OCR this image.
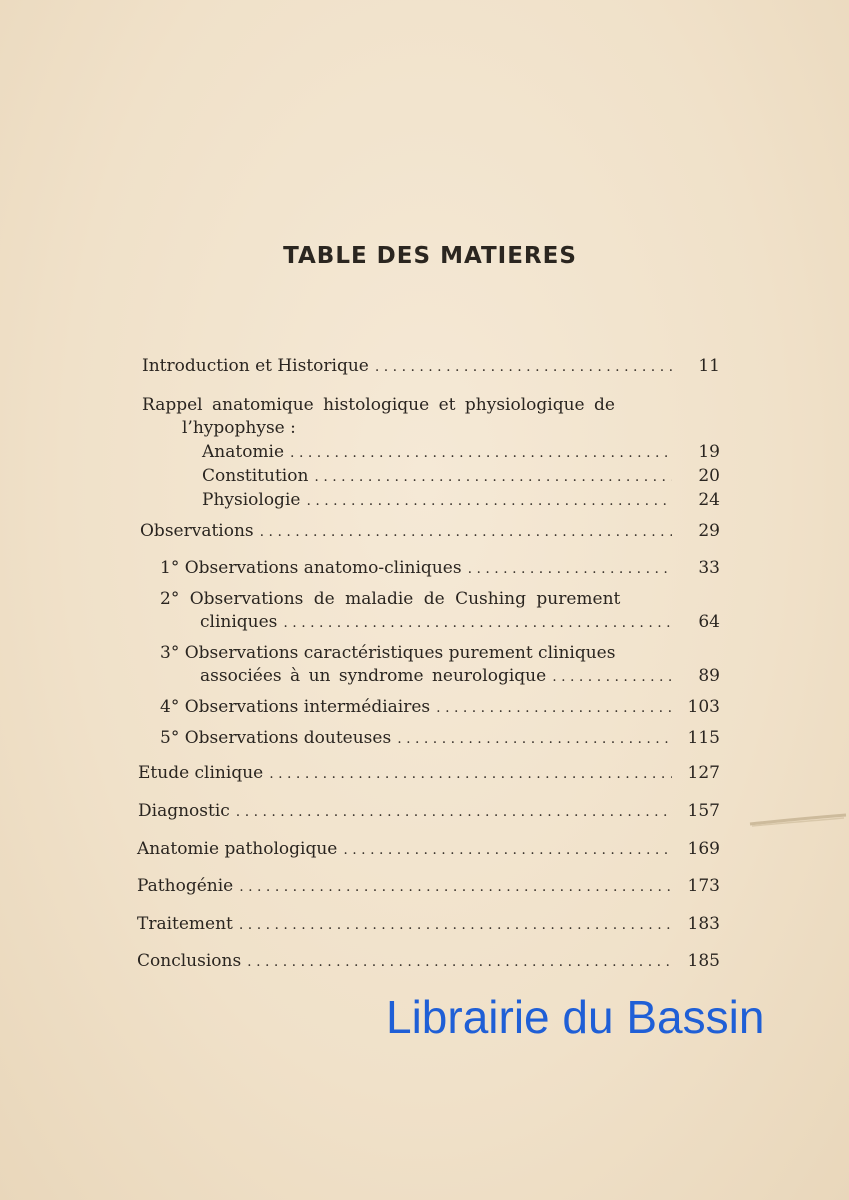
TABLE DES MATIERES
Introduction et Historique . . .	11
Rappel anatomique histologique et physiologique de
l’hypophyse :
Anatomie . . .	19
Constitution . . .	20
Physiologie . . .	24
Observations . . .	29
1° Observations anatomo-cliniques . . .	33
2° Observations de maladie de Cushing purement
cliniques . . .	64
3° Observations caractéristiques purement cliniques
associées à un syndrome neurologique . . .	89
4° Observations intermédiaires . . .	103
5° Observations douteuses . . .	115
Etude clinique . . .	127
Diagnostic . . .	157
Anatomie pathologique . . .	169
Pathogénie . . .	173
Traitement . . .	183
Conclusions . . .	185
Librairie du Bassin
